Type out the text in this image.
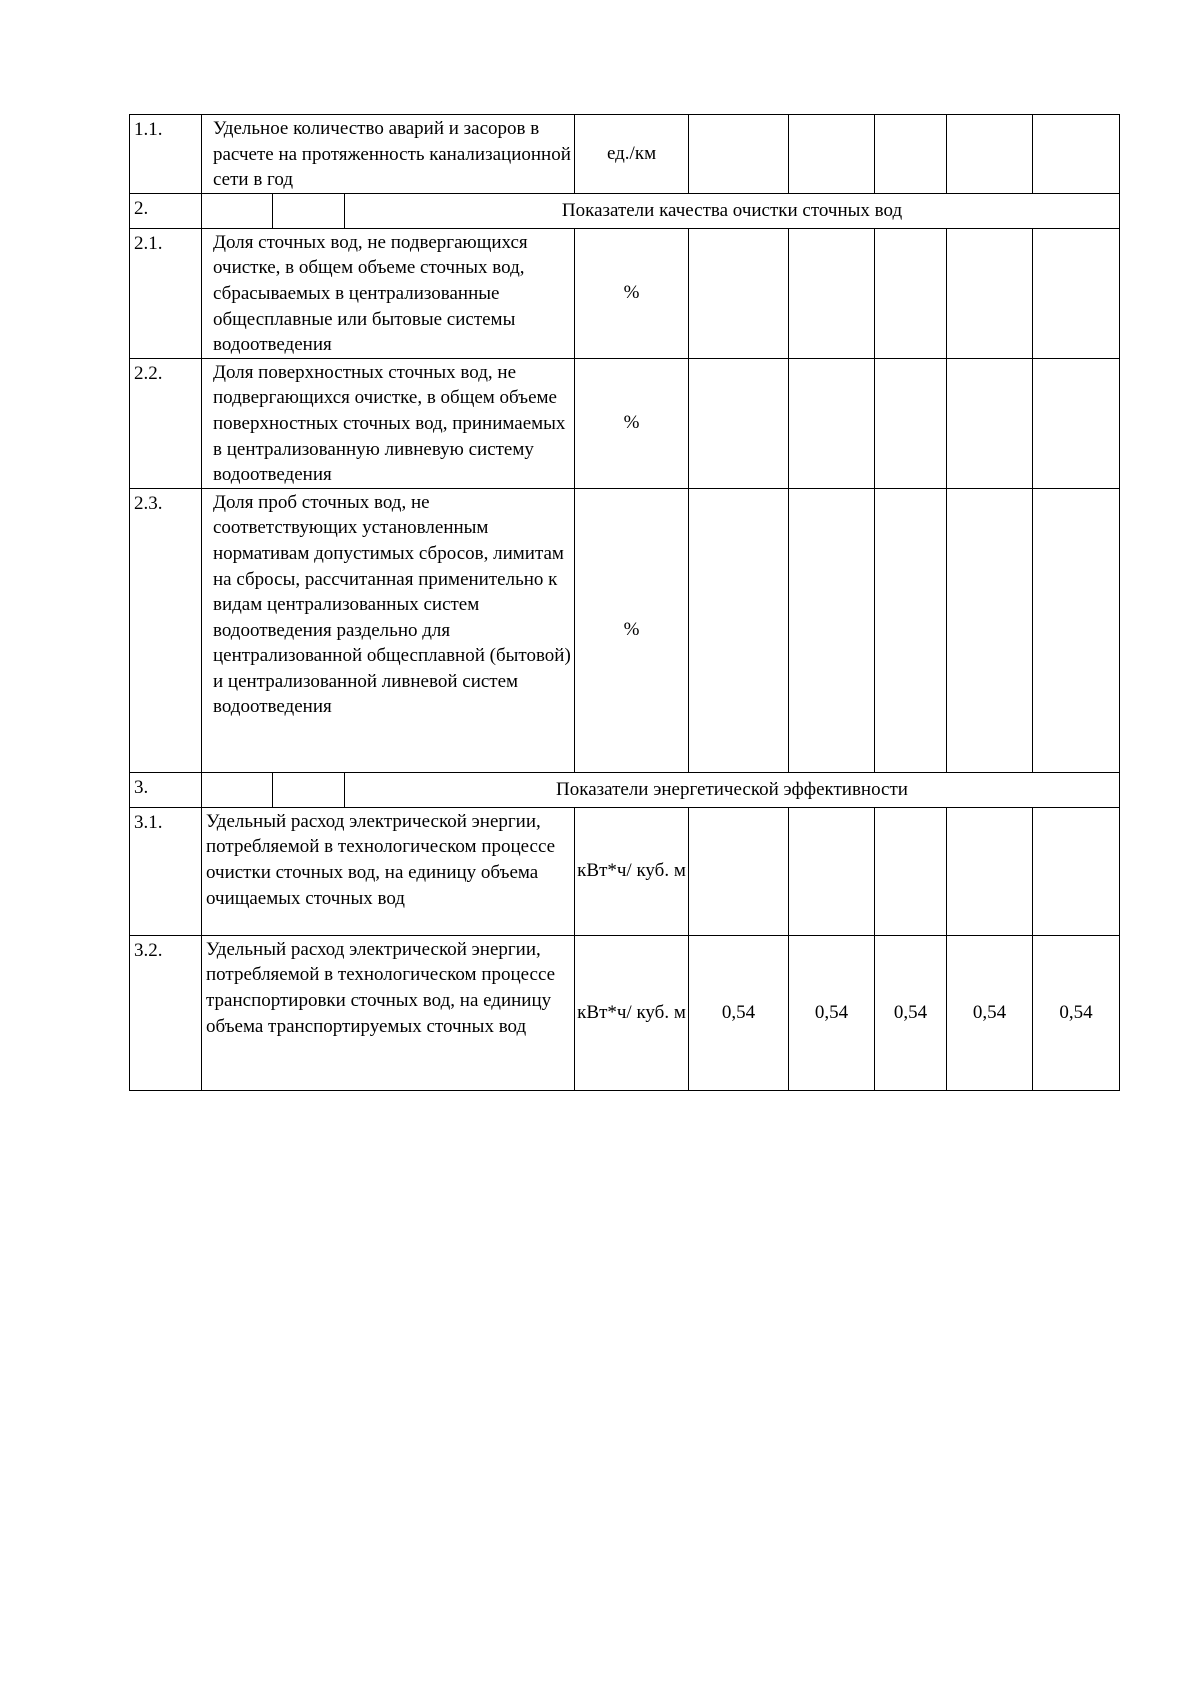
1.1.	Удельное количество аварий и засоров в расчете на протяженность канализационной сети в год			ед./км					
2.			Показатели качества очистки сточных вод						
2.1.	Доля сточных вод, не подвергающихся очистке, в общем объеме сточных вод, сбрасываемых в централизованные общесплавные или бытовые системы водоотведения			%					
2.2.	Доля поверхностных сточных вод, не подвергающихся очистке, в общем объеме поверхностных сточных вод, принимаемых в централизованную ливневую систему водоотведения			%					
2.3.	Доля проб сточных вод, не соответствующих установленным нормативам допустимых сбросов, лимитам на сбросы, рассчитанная применительно к видам централизованных систем водоотведения раздельно для централизованной общесплавной (бытовой) и централизованной ливневой систем водоотведения			%					
3.			Показатели энергетической эффективности						
3.1.	Удельный расход электрической энергии, потребляемой в технологическом процессе очистки сточных вод, на единицу объема очищаемых сточных вод			кВт*ч/ куб. м					
3.2.	Удельный расход электрической энергии, потребляемой в технологическом процессе транспортировки сточных вод, на единицу объема транспортируемых сточных вод			кВт*ч/ куб. м	0,54	0,54	0,54	0,54	0,54
